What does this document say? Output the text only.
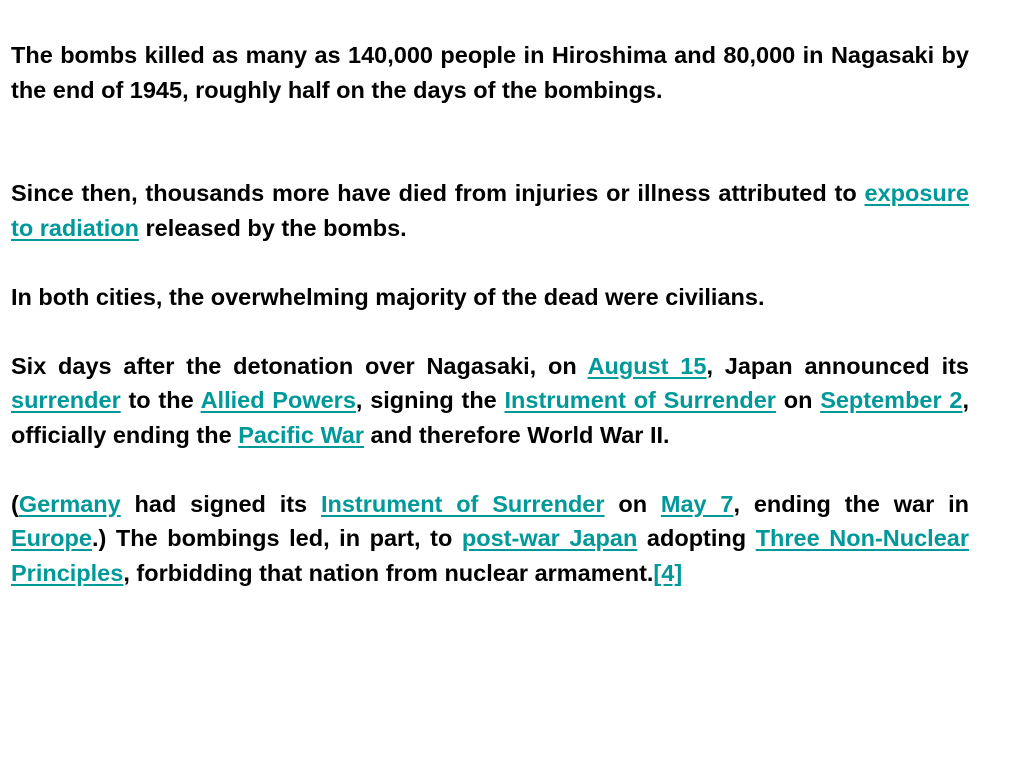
The bombs killed as many as 140,000 people in Hiroshima and 80,000 in Nagasaki by the end of 1945, roughly half on the days of the bombings.

Since then, thousands more have died from injuries or illness attributed to exposure to radiation released by the bombs.

In both cities, the overwhelming majority of the dead were civilians.

Six days after the detonation over Nagasaki, on August 15, Japan announced its surrender to the Allied Powers, signing the Instrument of Surrender on September 2, officially ending the Pacific War and therefore World War II.

(Germany had signed its Instrument of Surrender on May 7, ending the war in Europe.) The bombings led, in part, to post-war Japan adopting Three Non-Nuclear Principles, forbidding that nation from nuclear armament.[4]
